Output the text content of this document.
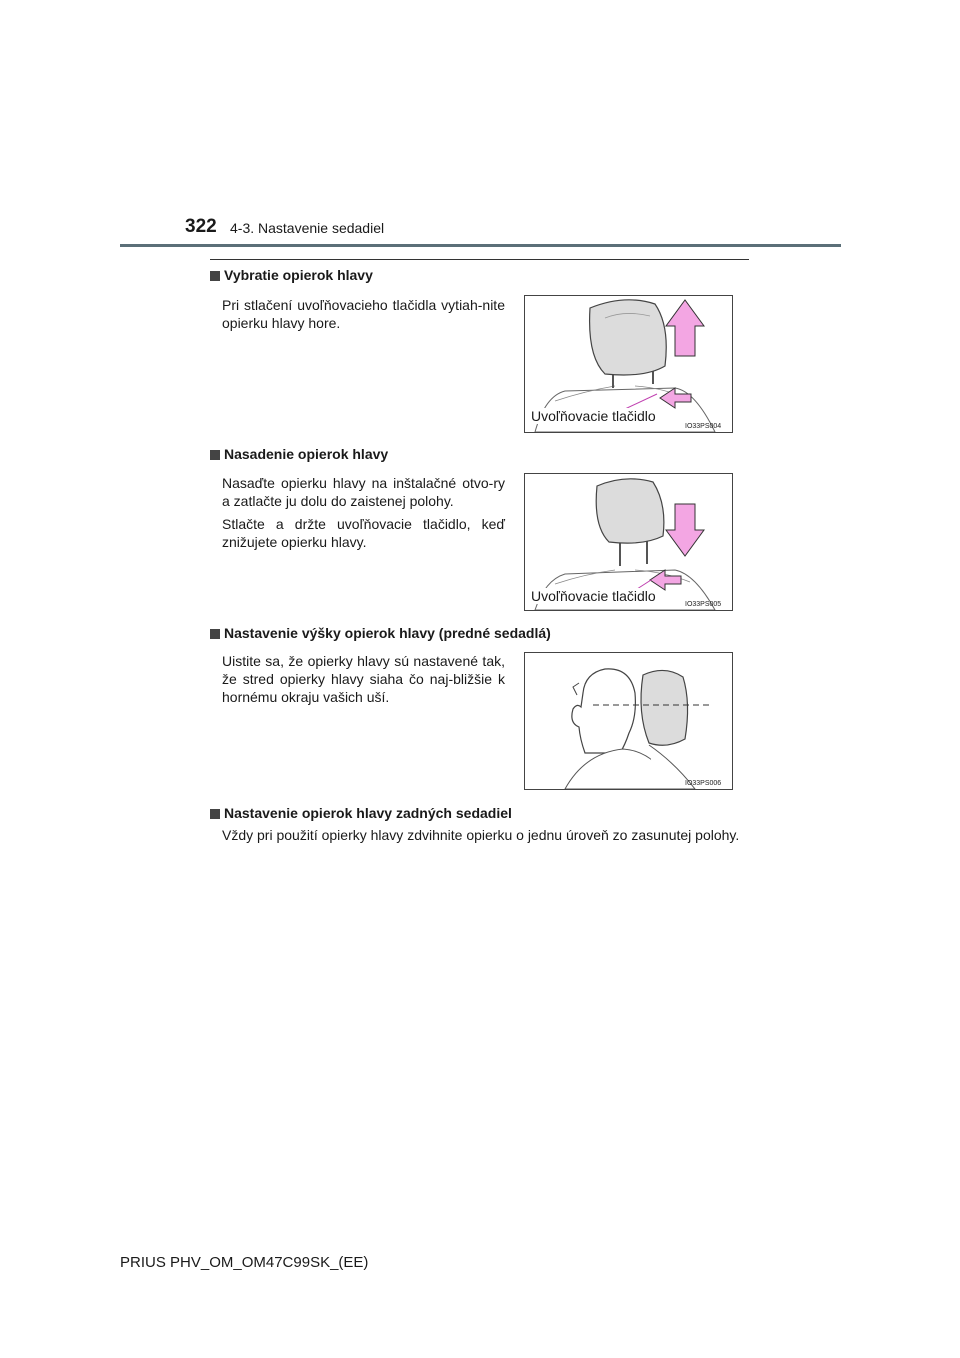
322 4-3. Nastavenie sedadiel
Vybratie opierok hlavy
Pri stlačení uvoľňovacieho tlačidla vytiah-nite opierku hlavy hore.
IO33PS004
Uvoľňovacie tlačidlo
Nasadenie opierok hlavy
Nasaďte opierku hlavy na inštalačné otvo-ry a zatlačte ju dolu do zaistenej polohy.
Stlačte a držte uvoľňovacie tlačidlo, keď znižujete opierku hlavy.
IO33PS005
Uvoľňovacie tlačidlo
Nastavenie výšky opierok hlavy (predné sedadlá)
Uistite sa, že opierky hlavy sú nastavené tak, že stred opierky hlavy siaha čo naj-bližšie k hornému okraju vašich uší.
IO33PS006
Nastavenie opierok hlavy zadných sedadiel
Vždy pri použití opierky hlavy zdvihnite opierku o jednu úroveň zo zasunutej polohy.
PRIUS PHV_OM_OM47C99SK_(EE)
